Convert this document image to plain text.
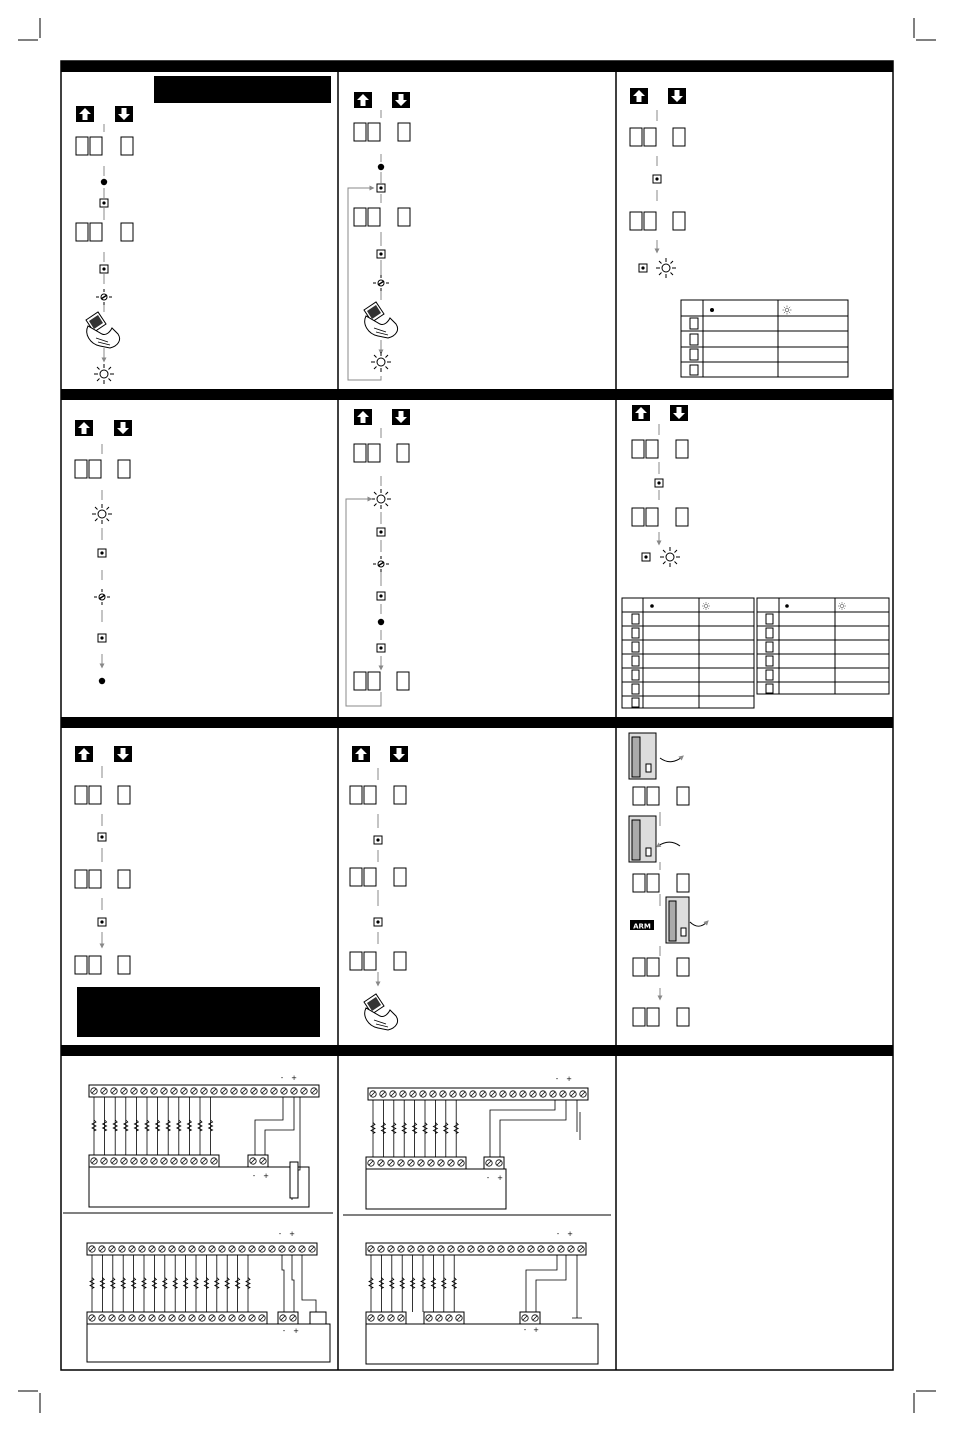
ARM
- +
- +
- +
- +
- +
- +
- +
- +
